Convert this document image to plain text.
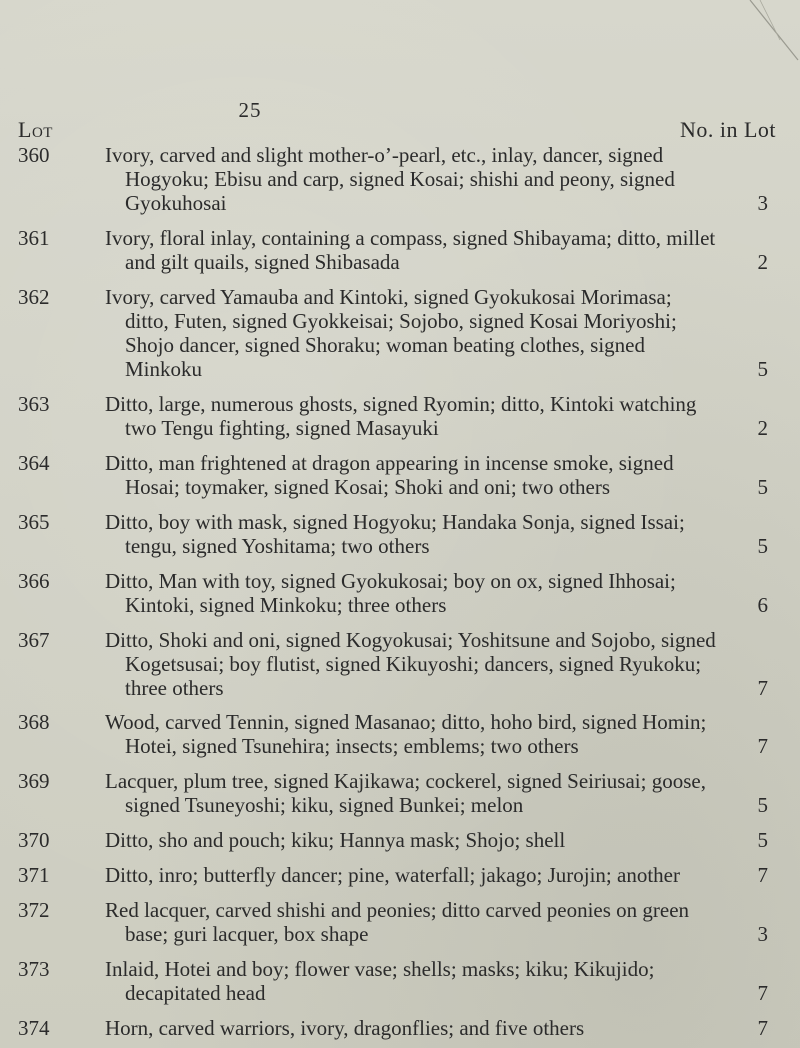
25
Lot	No. in Lot
360	Ivory, carved and slight mother-o’-pearl, etc., inlay, dancer, signed Hogyoku; Ebisu and carp, signed Kosai; shishi and peony, signed Gyokuhosai	3
361	Ivory, floral inlay, containing a compass, signed Shibayama; ditto, millet and gilt quails, signed Shibasada	2
362	Ivory, carved Yamauba and Kintoki, signed Gyokukosai Morimasa; ditto, Futen, signed Gyokkeisai; Sojobo, signed Kosai Moriyoshi; Shojo dancer, signed Shoraku; woman beating clothes, signed Minkoku	5
363	Ditto, large, numerous ghosts, signed Ryomin; ditto, Kintoki watching two Tengu fighting, signed Masayuki	2
364	Ditto, man frightened at dragon appearing in incense smoke, signed Hosai; toymaker, signed Kosai; Shoki and oni; two others	5
365	Ditto, boy with mask, signed Hogyoku; Handaka Sonja, signed Issai; tengu, signed Yoshitama; two others	5
366	Ditto, Man with toy, signed Gyokukosai; boy on ox, signed Ihhosai; Kintoki, signed Minkoku; three others	6
367	Ditto, Shoki and oni, signed Kogyokusai; Yoshitsune and Sojobo, signed Kogetsusai; boy flutist, signed Kikuyoshi; dancers, signed Ryukoku; three others	7
368	Wood, carved Tennin, signed Masanao; ditto, hoho bird, signed Homin; Hotei, signed Tsunehira; insects; emblems; two others	7
369	Lacquer, plum tree, signed Kajikawa; cockerel, signed Seiriusai; goose, signed Tsuneyoshi; kiku, signed Bunkei; melon	5
370	Ditto, sho and pouch; kiku; Hannya mask; Shojo; shell	5
371	Ditto, inro; butterfly dancer; pine, waterfall; jakago; Jurojin; another	7
372	Red lacquer, carved shishi and peonies; ditto carved peonies on green base; guri lacquer, box shape	3
373	Inlaid, Hotei and boy; flower vase; shells; masks; kiku; Kikujido; decapitated head	7
374	Horn, carved warriors, ivory, dragonflies; and five others	7
